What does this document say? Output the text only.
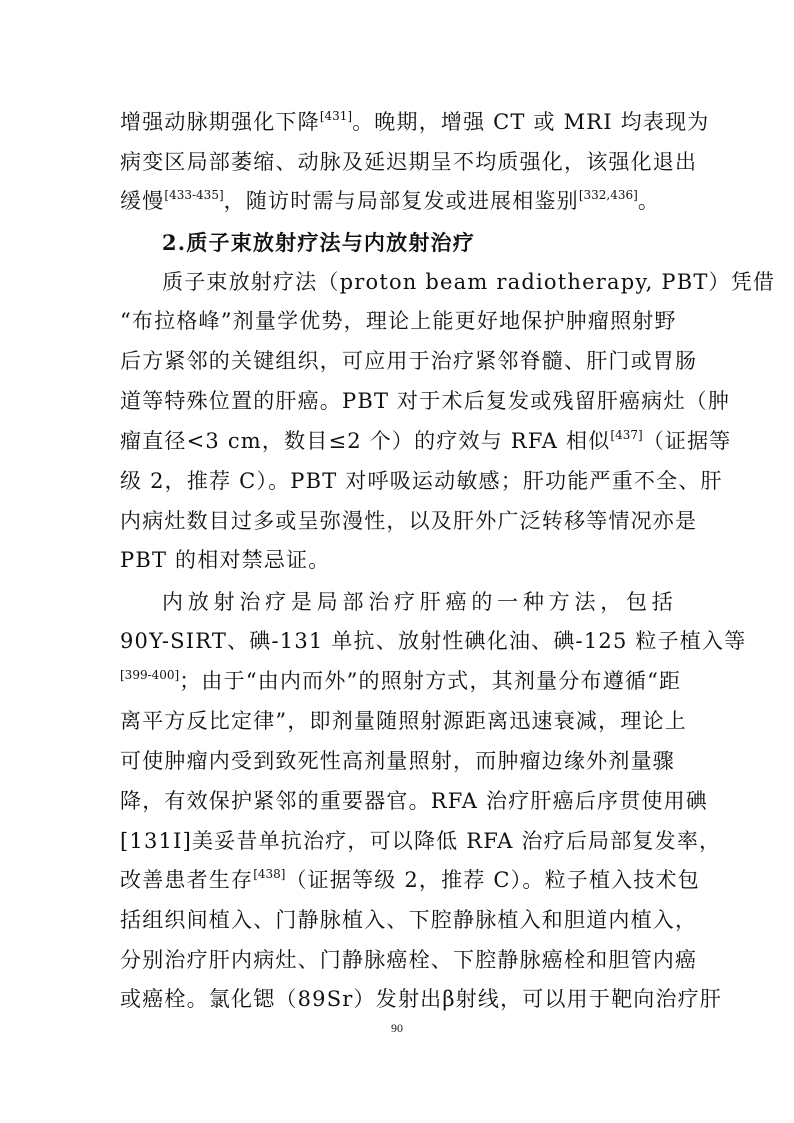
增强动脉期强化下降[431]。晚期，增强 CT 或 MRI 均表现为
病变区局部萎缩、动脉及延迟期呈不均质强化，该强化退出
缓慢[433-435]，随访时需与局部复发或进展相鉴别[332,436]。
2.质子束放射疗法与内放射治疗
质子束放射疗法（proton beam radiotherapy, PBT）凭借
“布拉格峰”剂量学优势，理论上能更好地保护肿瘤照射野
后方紧邻的关键组织，可应用于治疗紧邻脊髓、肝门或胃肠
道等特殊位置的肝癌。PBT 对于术后复发或残留肝癌病灶（肿
瘤直径<3 cm，数目≤2 个）的疗效与 RFA 相似[437]（证据等
级 2，推荐 C）。PBT 对呼吸运动敏感；肝功能严重不全、肝
内病灶数目过多或呈弥漫性，以及肝外广泛转移等情况亦是
PBT 的相对禁忌证。
内放射治疗是局部治疗肝癌的一种方法，包括
90Y-SIRT、碘-131 单抗、放射性碘化油、碘-125 粒子植入等
[399-400]；由于“由内而外”的照射方式，其剂量分布遵循“距
离平方反比定律”，即剂量随照射源距离迅速衰减，理论上
可使肿瘤内受到致死性高剂量照射，而肿瘤边缘外剂量骤
降，有效保护紧邻的重要器官。RFA 治疗肝癌后序贯使用碘
[131I]美妥昔单抗治疗，可以降低 RFA 治疗后局部复发率，
改善患者生存[438]（证据等级 2，推荐 C）。粒子植入技术包
括组织间植入、门静脉植入、下腔静脉植入和胆道内植入，
分别治疗肝内病灶、门静脉癌栓、下腔静脉癌栓和胆管内癌
或癌栓。氯化锶（89Sr）发射出β射线，可以用于靶向治疗肝
90
